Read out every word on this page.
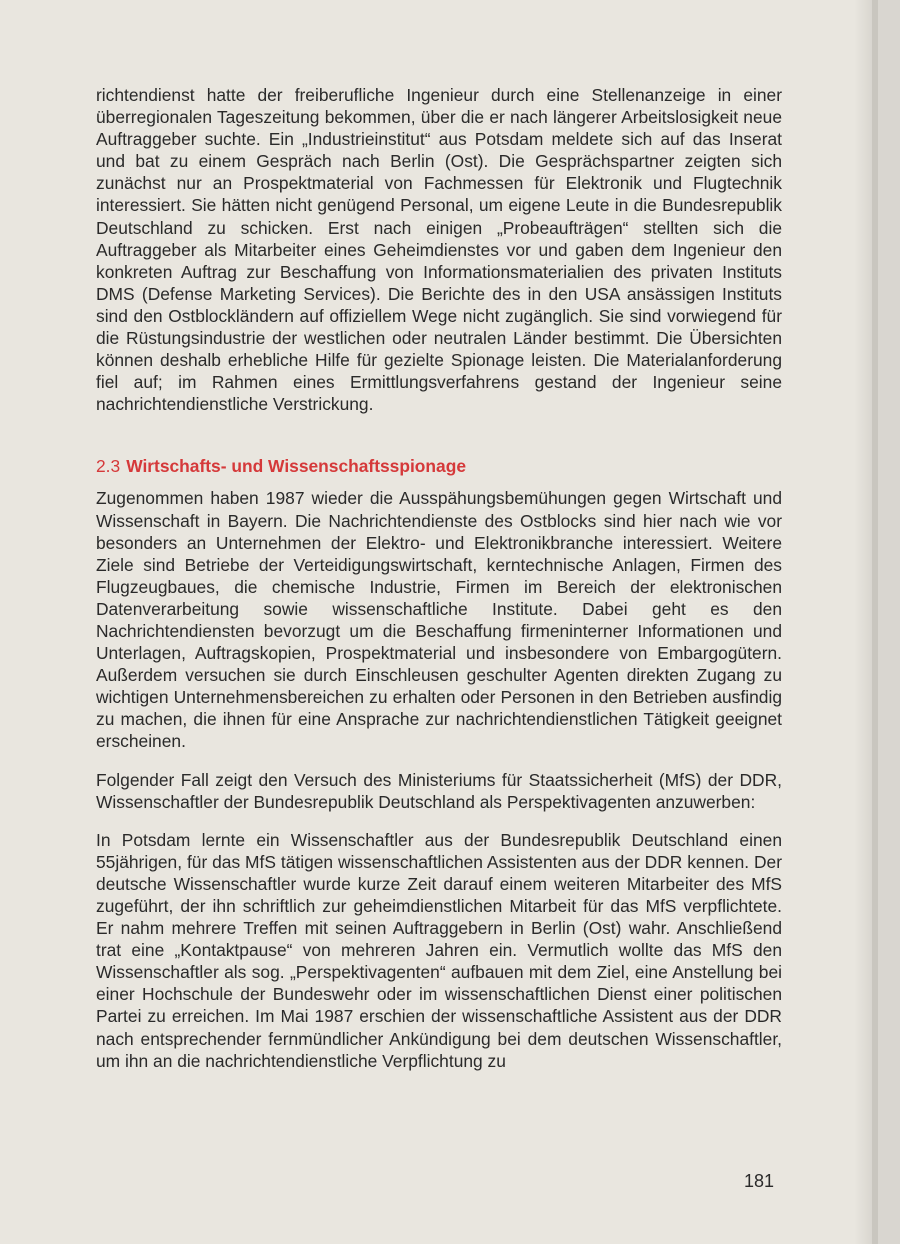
richtendienst hatte der freiberufliche Ingenieur durch eine Stellenanzeige in einer überregionalen Tageszeitung bekommen, über die er nach längerer Arbeitslosigkeit neue Auftraggeber suchte. Ein „Industrieinstitut“ aus Potsdam meldete sich auf das Inserat und bat zu einem Gespräch nach Berlin (Ost). Die Gesprächspartner zeigten sich zunächst nur an Prospektmaterial von Fachmessen für Elektronik und Flugtechnik interessiert. Sie hätten nicht genügend Personal, um eigene Leute in die Bundesrepublik Deutschland zu schicken. Erst nach einigen „Probeaufträgen“ stellten sich die Auftraggeber als Mitarbeiter eines Geheimdienstes vor und gaben dem Ingenieur den konkreten Auftrag zur Beschaffung von Informationsmaterialien des privaten Instituts DMS (Defense Marketing Services). Die Berichte des in den USA ansässigen Instituts sind den Ostblockländern auf offiziellem Wege nicht zugänglich. Sie sind vorwiegend für die Rüstungsindustrie der westlichen oder neutralen Länder bestimmt. Die Übersichten können deshalb erhebliche Hilfe für gezielte Spionage leisten. Die Materialanforderung fiel auf; im Rahmen eines Ermittlungsverfahrens gestand der Ingenieur seine nachrichtendienstliche Verstrickung.

2.3 Wirtschafts- und Wissenschaftsspionage

Zugenommen haben 1987 wieder die Ausspähungsbemühungen gegen Wirtschaft und Wissenschaft in Bayern. Die Nachrichtendienste des Ostblocks sind hier nach wie vor besonders an Unternehmen der Elektro- und Elektronikbranche interessiert. Weitere Ziele sind Betriebe der Verteidigungswirtschaft, kerntechnische Anlagen, Firmen des Flugzeugbaues, die chemische Industrie, Firmen im Bereich der elektronischen Datenverarbeitung sowie wissenschaftliche Institute. Dabei geht es den Nachrichtendiensten bevorzugt um die Beschaffung firmeninterner Informationen und Unterlagen, Auftragskopien, Prospektmaterial und insbesondere von Embargogütern. Außerdem versuchen sie durch Einschleusen geschulter Agenten direkten Zugang zu wichtigen Unternehmensbereichen zu erhalten oder Personen in den Betrieben ausfindig zu machen, die ihnen für eine Ansprache zur nachrichtendienstlichen Tätigkeit geeignet erscheinen.

Folgender Fall zeigt den Versuch des Ministeriums für Staatssicherheit (MfS) der DDR, Wissenschaftler der Bundesrepublik Deutschland als Perspektivagenten anzuwerben:

In Potsdam lernte ein Wissenschaftler aus der Bundesrepublik Deutschland einen 55jährigen, für das MfS tätigen wissenschaftlichen Assistenten aus der DDR kennen. Der deutsche Wissenschaftler wurde kurze Zeit darauf einem weiteren Mitarbeiter des MfS zugeführt, der ihn schriftlich zur geheimdienstlichen Mitarbeit für das MfS verpflichtete. Er nahm mehrere Treffen mit seinen Auftraggebern in Berlin (Ost) wahr. Anschließend trat eine „Kontaktpause“ von mehreren Jahren ein. Vermutlich wollte das MfS den Wissenschaftler als sog. „Perspektivagenten“ aufbauen mit dem Ziel, eine Anstellung bei einer Hochschule der Bundeswehr oder im wissenschaftlichen Dienst einer politischen Partei zu erreichen. Im Mai 1987 erschien der wissenschaftliche Assistent aus der DDR nach entsprechender fernmündlicher Ankündigung bei dem deutschen Wissenschaftler, um ihn an die nachrichtendienstliche Verpflichtung zu

181
